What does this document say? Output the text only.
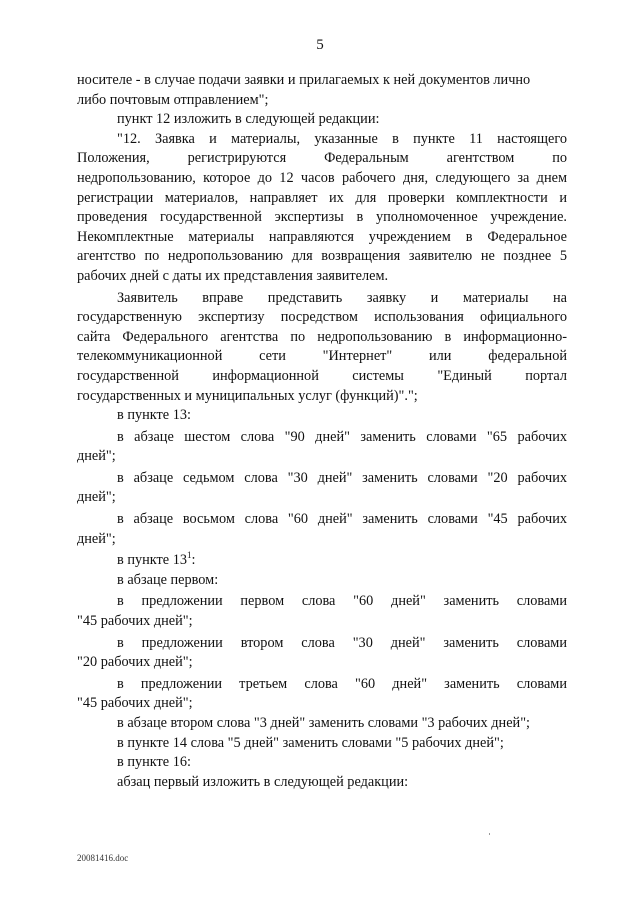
5
носителе - в случае подачи заявки и прилагаемых к ней документов лично
либо почтовым отправлением";
пункт 12 изложить в следующей редакции:
"12. Заявка и материалы, указанные в пункте 11 настоящего
Положения, регистрируются Федеральным агентством по
недропользованию, которое до 12 часов рабочего дня, следующего за днем
регистрации материалов, направляет их для проверки комплектности и
проведения государственной экспертизы в уполномоченное учреждение.
Некомплектные материалы направляются учреждением в Федеральное
агентство по недропользованию для возвращения заявителю не позднее 5
рабочих дней с даты их представления заявителем.
Заявитель вправе представить заявку и материалы на
государственную экспертизу посредством использования официального
сайта Федерального агентства по недропользованию в информационно-
телекоммуникационной сети "Интернет" или федеральной
государственной информационной системы "Единый портал
государственных и муниципальных услуг (функций)".";
в пункте 13:
в абзаце шестом слова "90 дней" заменить словами "65 рабочих
дней";
в абзаце седьмом слова "30 дней" заменить словами "20 рабочих
дней";
в абзаце восьмом слова "60 дней" заменить словами "45 рабочих
дней";
в пункте $13^1$:
в абзаце первом:
в предложении первом слова "60 дней" заменить словами
"45 рабочих дней";
в предложении втором слова "30 дней" заменить словами
"20 рабочих дней";
в предложении третьем слова "60 дней" заменить словами
"45 рабочих дней";
в абзаце втором слова "3 дней" заменить словами "3 рабочих дней";
в пункте 14 слова "5 дней" заменить словами "5 рабочих дней";
в пункте 16:
абзац первый изложить в следующей редакции:
20081416.doc
